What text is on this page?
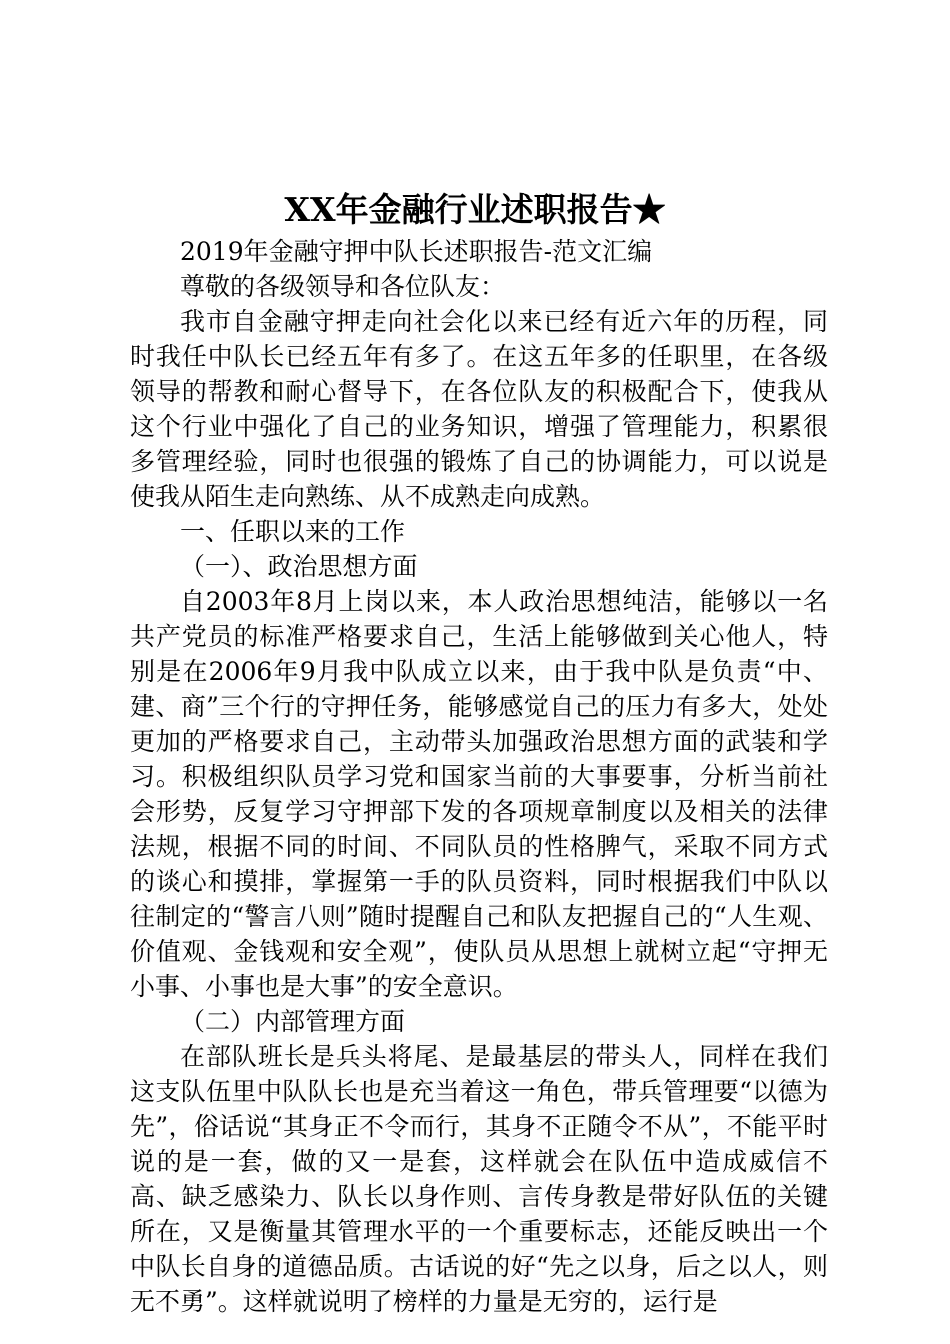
XX年金融行业述职报告★

2019年金融守押中队长述职报告-范文汇编

尊敬的各级领导和各位队友：

我市自金融守押走向社会化以来已经有近六年的历程，同时我任中队长已经五年有多了。在这五年多的任职里，在各级领导的帮教和耐心督导下，在各位队友的积极配合下，使我从这个行业中强化了自己的业务知识，增强了管理能力，积累很多管理经验，同时也很强的锻炼了自己的协调能力，可以说是使我从陌生走向熟练、从不成熟走向成熟。

一、任职以来的工作

（一）、政治思想方面

自2003年8月上岗以来，本人政治思想纯洁，能够以一名共产党员的标准严格要求自己，生活上能够做到关心他人，特别是在2006年9月我中队成立以来，由于我中队是负责“中、建、商”三个行的守押任务，能够感觉自己的压力有多大，处处更加的严格要求自己，主动带头加强政治思想方面的武装和学习。积极组织队员学习党和国家当前的大事要事，分析当前社会形势，反复学习守押部下发的各项规章制度以及相关的法律法规，根据不同的时间、不同队员的性格脾气，采取不同方式的谈心和摸排，掌握第一手的队员资料，同时根据我们中队以往制定的“警言八则”随时提醒自己和队友把握自己的“人生观、价值观、金钱观和安全观”，使队员从思想上就树立起“守押无小事、小事也是大事”的安全意识。

（二）内部管理方面

在部队班长是兵头将尾、是最基层的带头人，同样在我们这支队伍里中队队长也是充当着这一角色，带兵管理要“以德为先”，俗话说“其身正不令而行，其身不正随令不从”，不能平时说的是一套，做的又一是套，这样就会在队伍中造成威信不高、缺乏感染力、队长以身作则、言传身教是带好队伍的关键所在，又是衡量其管理水平的一个重要标志，还能反映出一个中队长自身的道德品质。古话说的好“先之以身，后之以人，则无不勇”。这样就说明了榜样的力量是无穷的，运行是
